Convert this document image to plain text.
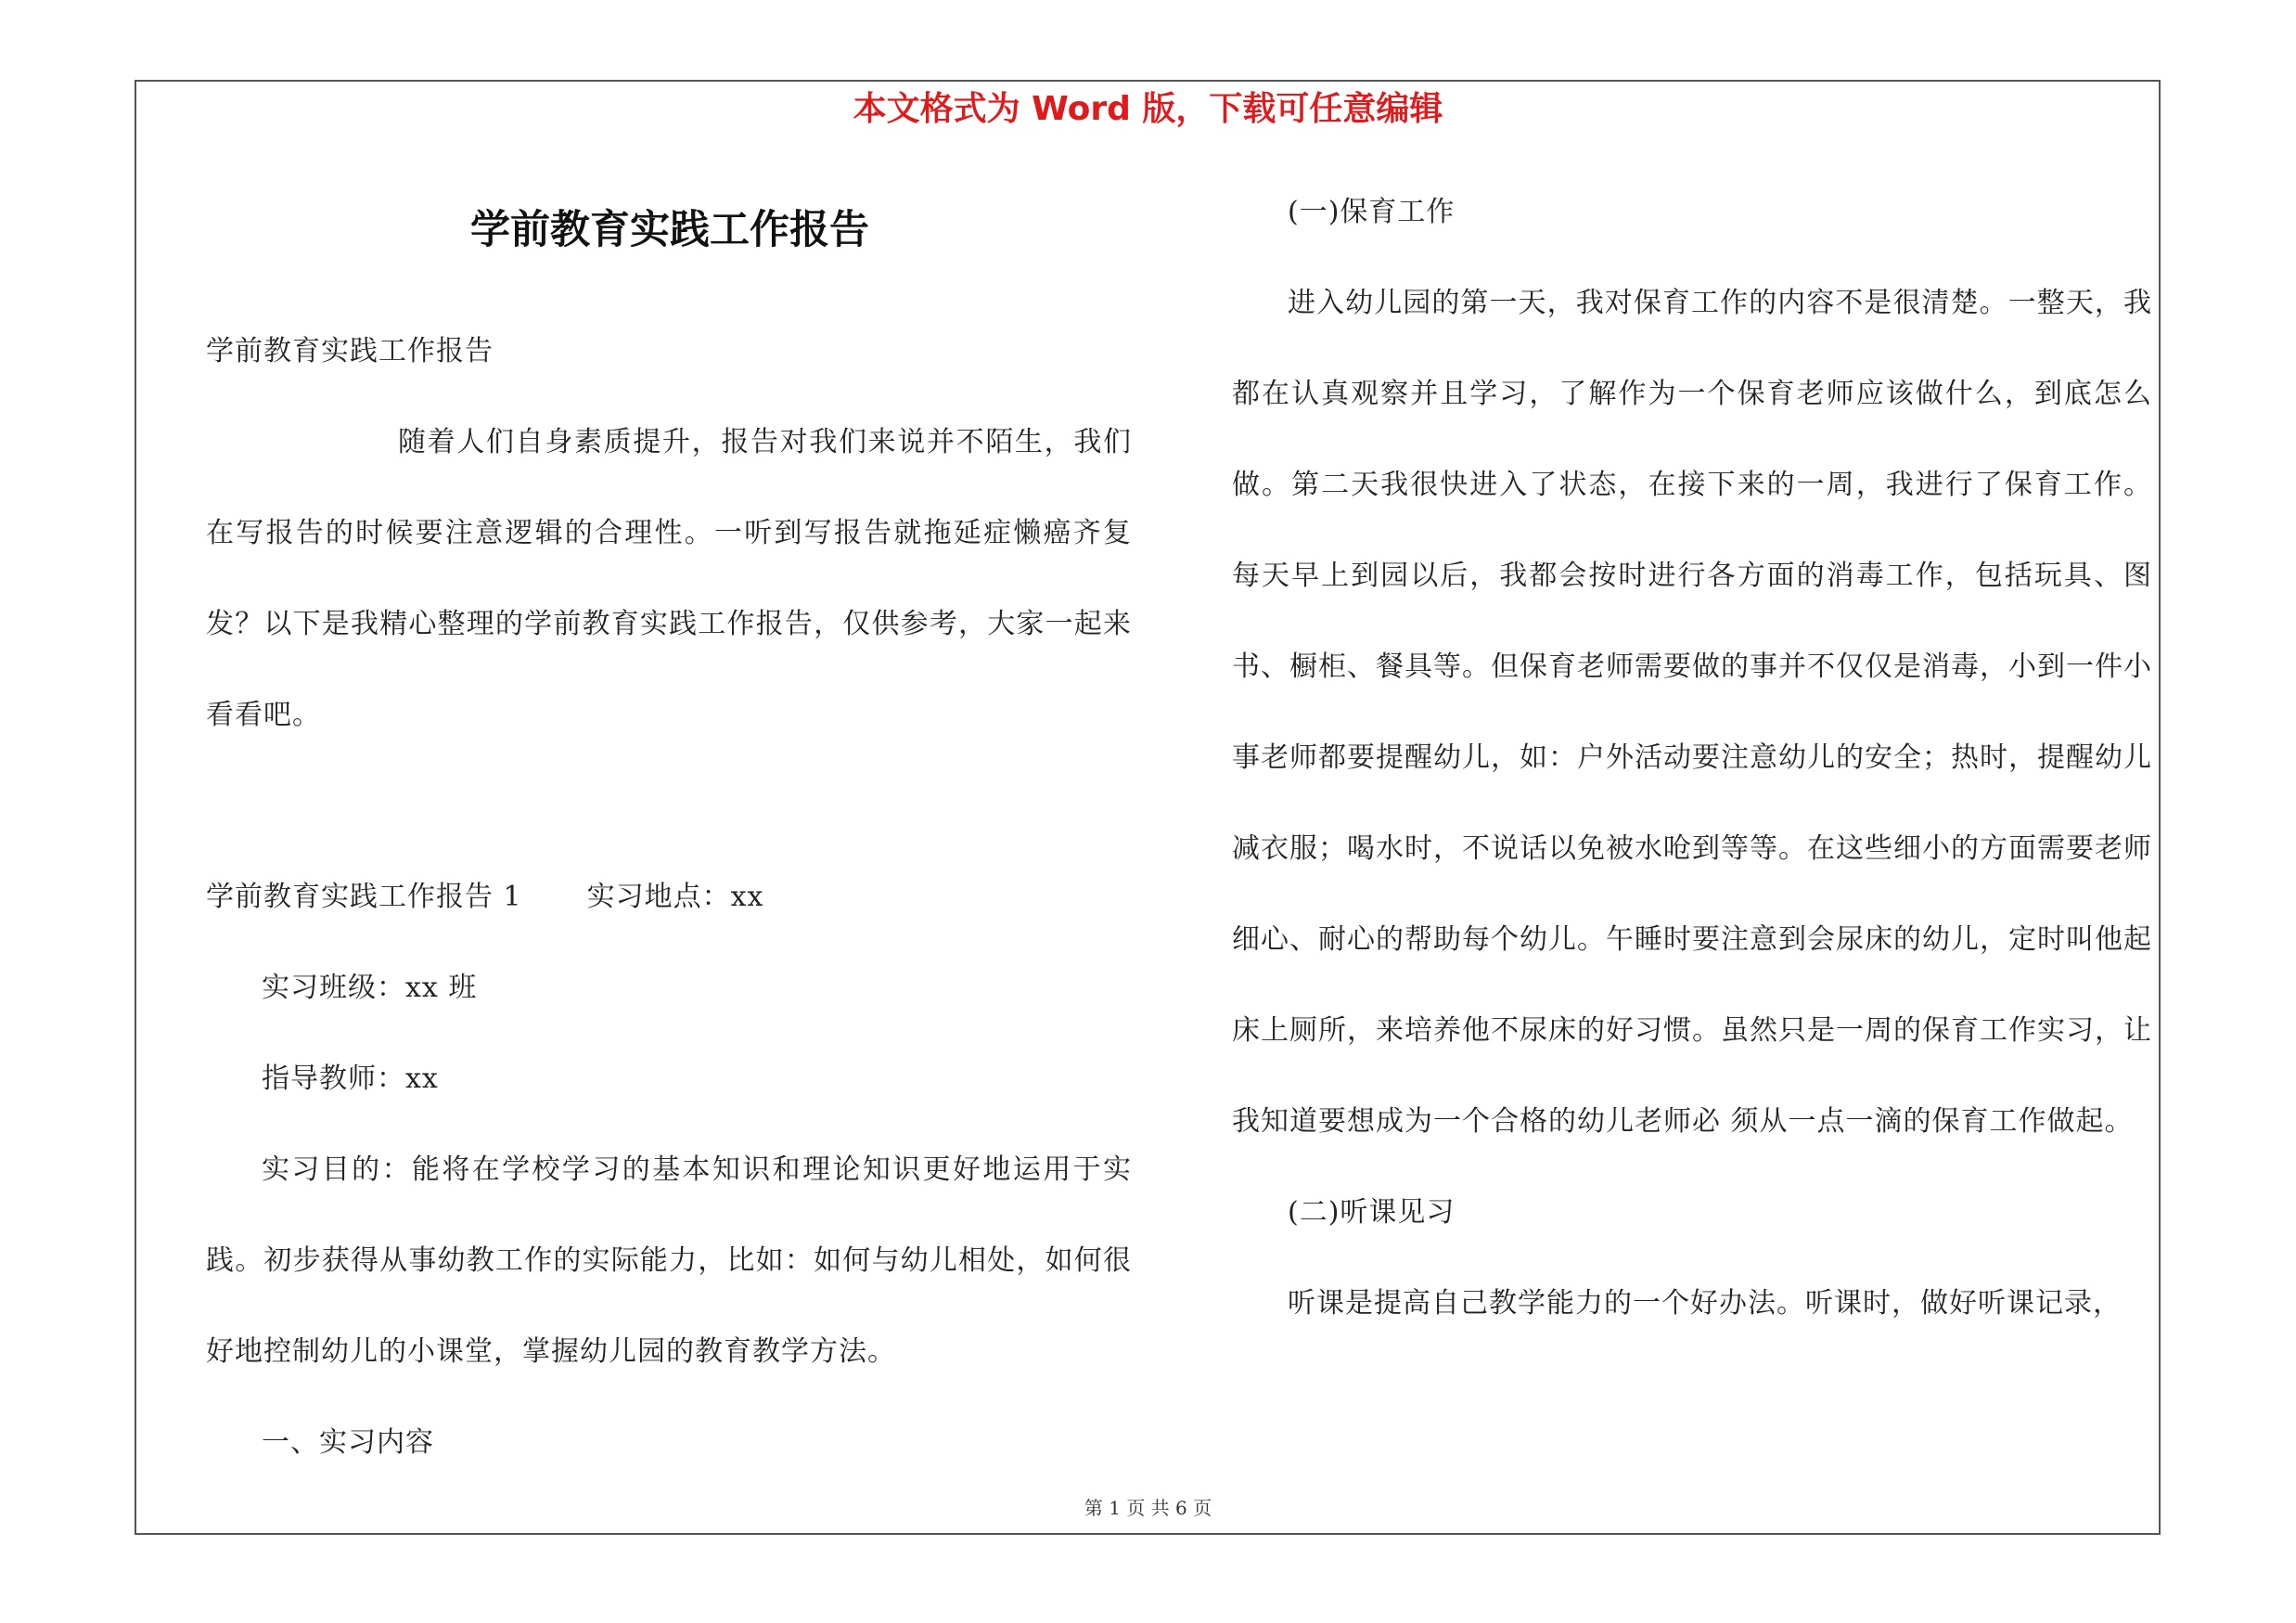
本文格式为 Word 版，下载可任意编辑
学前教育实践工作报告

学前教育实践工作报告

随着人们自身素质提升，报告对我们来说并不陌生，我们在写报告的时候要注意逻辑的合理性。一听到写报告就拖延症懒癌齐复发？以下是我精心整理的学前教育实践工作报告，仅供参考，大家一起来看看吧。

学前教育实践工作报告 1 实习地点：xx

实习班级：xx 班

指导教师：xx

实习目的：能将在学校学习的基本知识和理论知识更好地运用于实践。初步获得从事幼教工作的实际能力，比如：如何与幼儿相处，如何很好地控制幼儿的小课堂，掌握幼儿园的教育教学方法。

一、实习内容

(一)保育工作

进入幼儿园的第一天，我对保育工作的内容不是很清楚。一整天，我都在认真观察并且学习，了解作为一个保育老师应该做什么，到底怎么做。第二天我很快进入了状态，在接下来的一周，我进行了保育工作。 每天早上到园以后，我都会按时进行各方面的消毒工作，包括玩具、图书、橱柜、餐具等。但保育老师需要做的事并不仅仅是消毒，小到一件小事老师都要提醒幼儿，如：户外活动要注意幼儿的安全；热时，提醒幼儿减衣服；喝水时，不说话以免被水呛到等等。在这些细小的方面需要老师细心、耐心的帮助每个幼儿。午睡时要注意到会尿床的幼儿，定时叫他起床上厕所，来培养他不尿床的好习惯。虽然只是一周的保育工作实习，让我知道要想成为一个合格的幼儿老师必 须从一点一滴的保育工作做起。

(二)听课见习

听课是提高自己教学能力的一个好办法。听课时，做好听课记录，

第 1 页 共 6 页
